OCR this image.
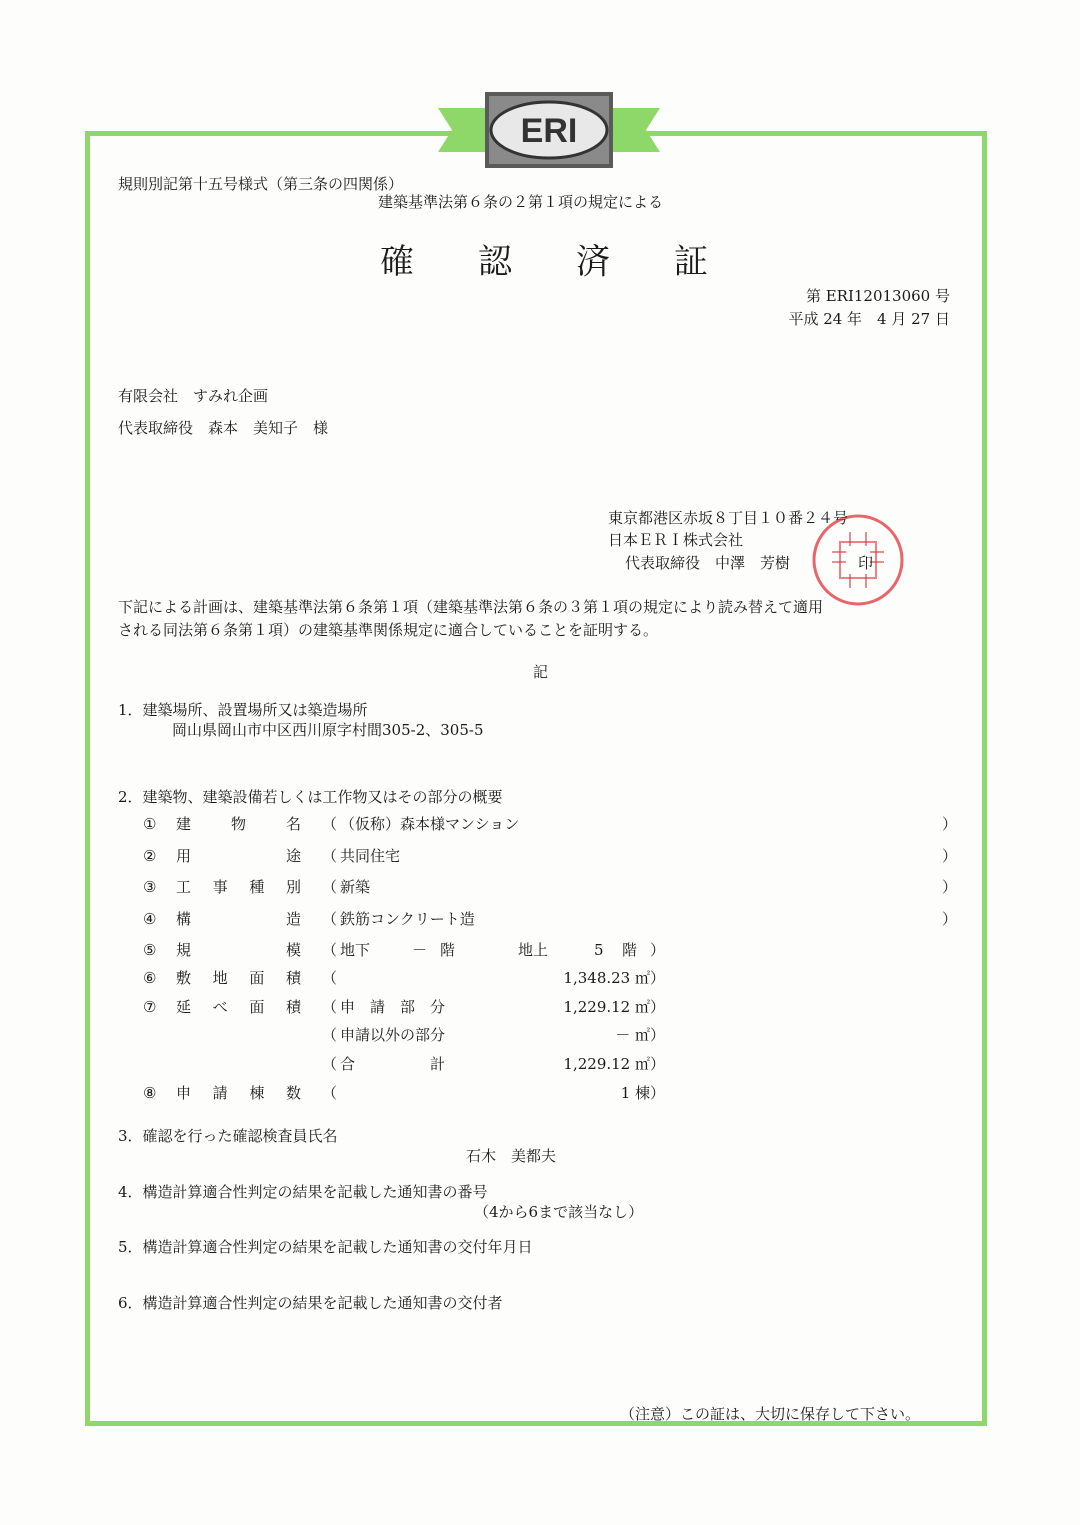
ERI
規則別記第十五号様式（第三条の四関係）
建築基準法第６条の２第１項の規定による
確 認 済 証
第 ERI12013060 号
平成 24 年　4 月 27 日
有限会社　すみれ企画
代表取締役　森本　美知子　様
東京都港区赤坂８丁目１０番２４号
日本ＥＲＩ株式会社
代表取締役　中澤　芳樹	印
下記による計画は、建築基準法第６条第１項（建築基準法第６条の３第１項の規定により読み替えて適用
される同法第６条第１項）の建築基準関係規定に適合していることを証明する。
記
1．建築場所、設置場所又は築造場所
岡山県岡山市中区西川原字村間305-2、305-5
2．建築物、建築設備若しくは工作物又はその部分の概要
① 建	物	名 （ （仮称）森本様マンション	）
② 用	途 （ 共同住宅	）
③ 工 事 種 別 （ 新築	）
④ 構	造 （ 鉄筋コンクリート造	）
⑤ 規	模 （ 地下	－ 階	地上	5 階 ）
⑥ 敷 地 面 積 （	1,348.23 ㎡ ）
⑦ 延 べ 面 積 （ 申　請　部　分	1,229.12 ㎡ ）
（ 申請以外の部分	－ ㎡ ）
（ 合　　　　　計	1,229.12 ㎡ ）
⑧ 申 請 棟 数 （	1 棟 ）
3．確認を行った確認検査員氏名
石木　美都夫
4．構造計算適合性判定の結果を記載した通知書の番号
（4から6まで該当なし）
5．構造計算適合性判定の結果を記載した通知書の交付年月日
6．構造計算適合性判定の結果を記載した通知書の交付者
（注意）この証は、大切に保存して下さい。
